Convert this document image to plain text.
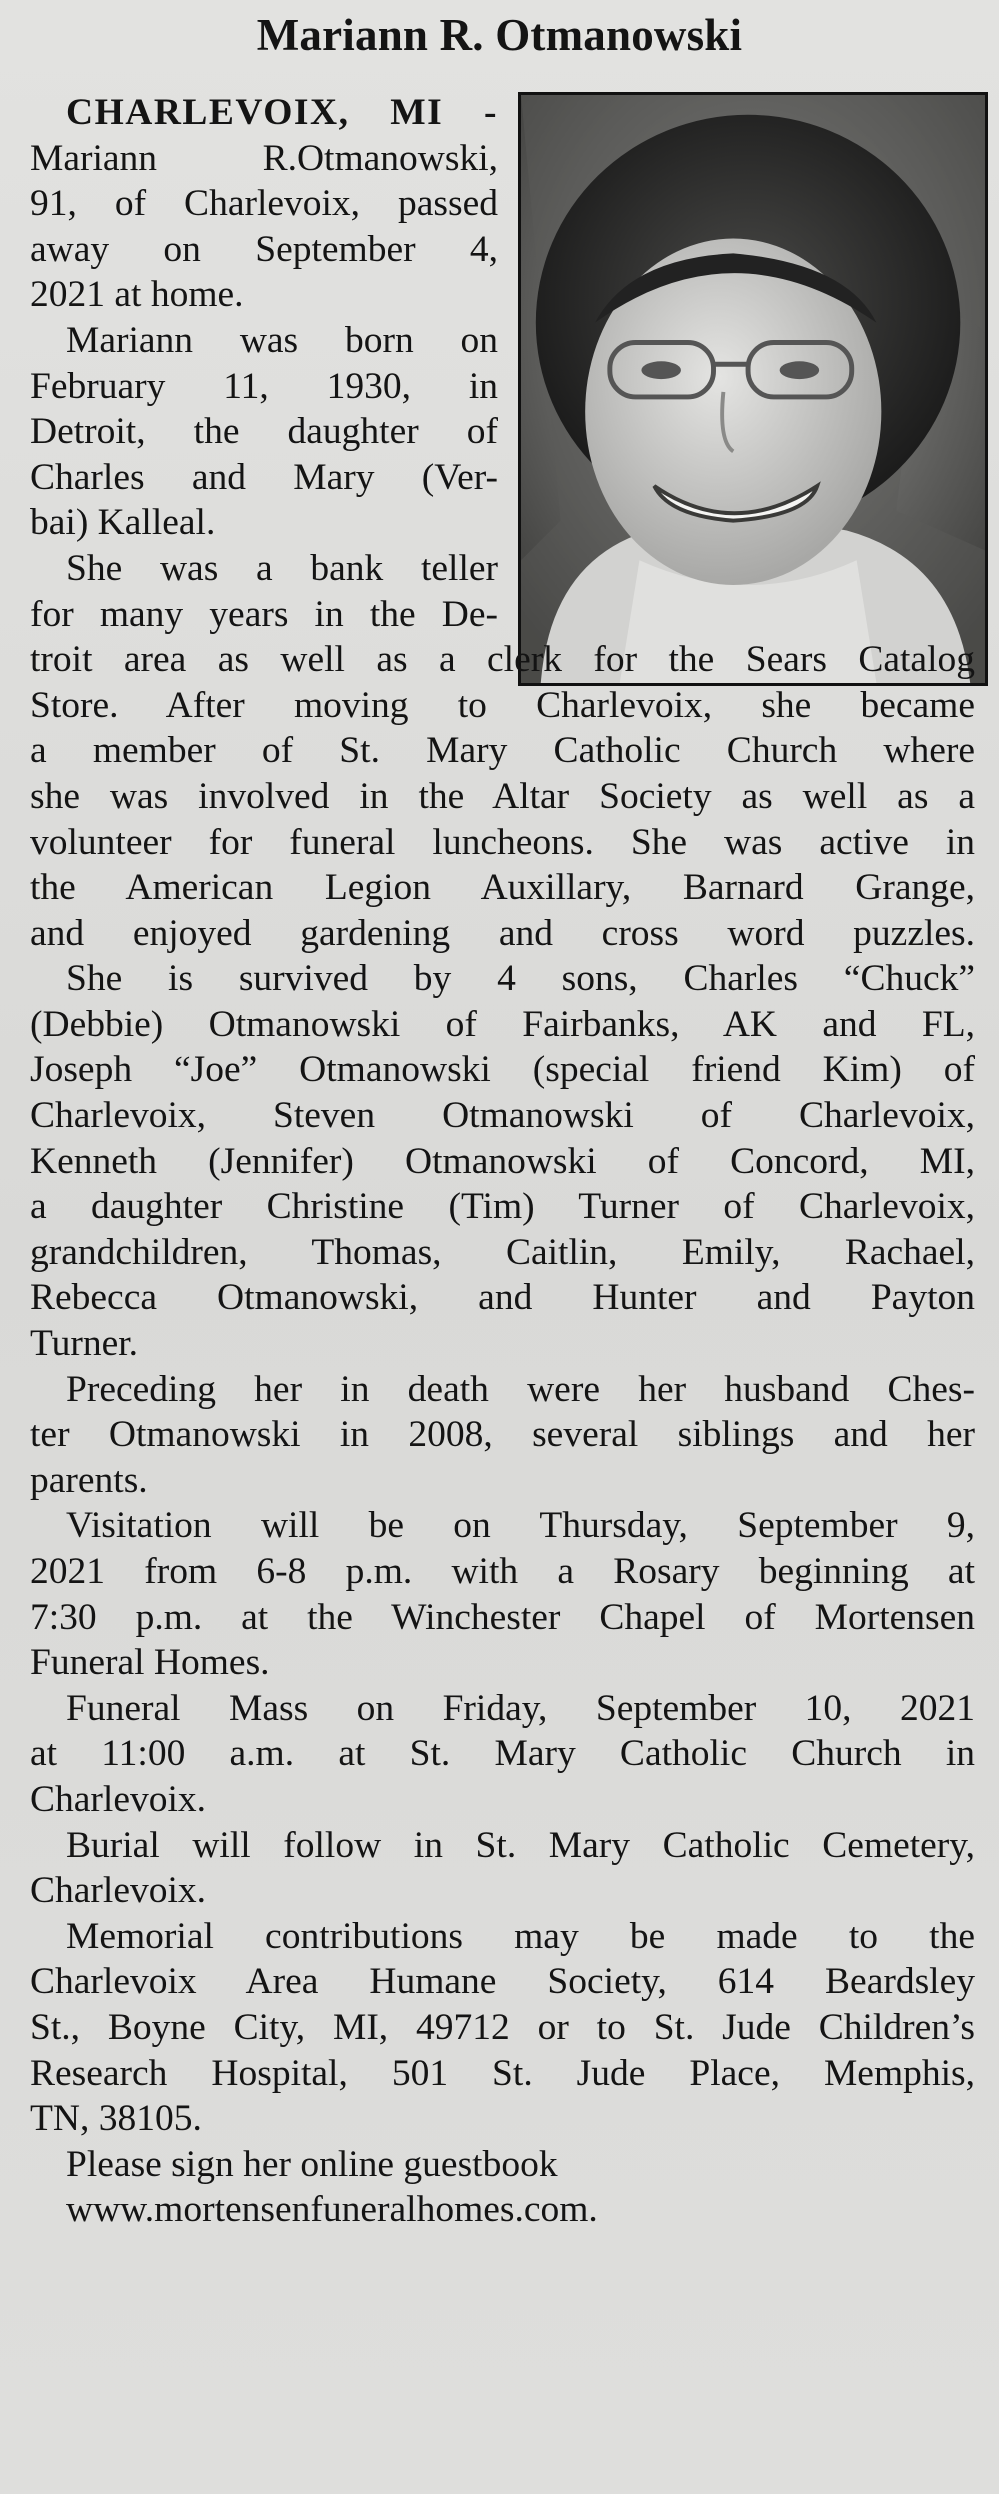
Mariann R. Otmanowski
CHARLEVOIX, MI -
Mariann R.Otmanowski,
91, of Charlevoix, passed
away on September 4,
2021 at home.
Mariann was born on
February 11, 1930, in
Detroit, the daughter of
Charles and Mary (Ver-
bai) Kalleal.
She was a bank teller
for many years in the De-
troit area as well as a clerk for the Sears Catalog
Store. After moving to Charlevoix, she became
a member of St. Mary Catholic Church where
she was involved in the Altar Society as well as a
volunteer for funeral luncheons. She was active in
the American Legion Auxillary, Barnard Grange,
and enjoyed gardening and cross word puzzles.
She is survived by 4 sons, Charles “Chuck”
(Debbie) Otmanowski of Fairbanks, AK and FL,
Joseph “Joe” Otmanowski (special friend Kim) of
Charlevoix, Steven Otmanowski of Charlevoix,
Kenneth (Jennifer) Otmanowski of Concord, MI,
a daughter Christine (Tim) Turner of Charlevoix,
grandchildren, Thomas, Caitlin, Emily, Rachael,
Rebecca Otmanowski, and Hunter and Payton
Turner.
Preceding her in death were her husband Ches-
ter Otmanowski in 2008, several siblings and her
parents.
Visitation will be on Thursday, September 9,
2021 from 6-8 p.m. with a Rosary beginning at
7:30 p.m. at the Winchester Chapel of Mortensen
Funeral Homes.
Funeral Mass on Friday, September 10, 2021
at 11:00 a.m. at St. Mary Catholic Church in
Charlevoix.
Burial will follow in St. Mary Catholic Cemetery,
Charlevoix.
Memorial contributions may be made to the
Charlevoix Area Humane Society, 614 Beardsley
St., Boyne City, MI, 49712 or to St. Jude Children’s
Research Hospital, 501 St. Jude Place, Memphis,
TN, 38105.
Please sign her online guestbook
www.mortensenfuneralhomes.com.
